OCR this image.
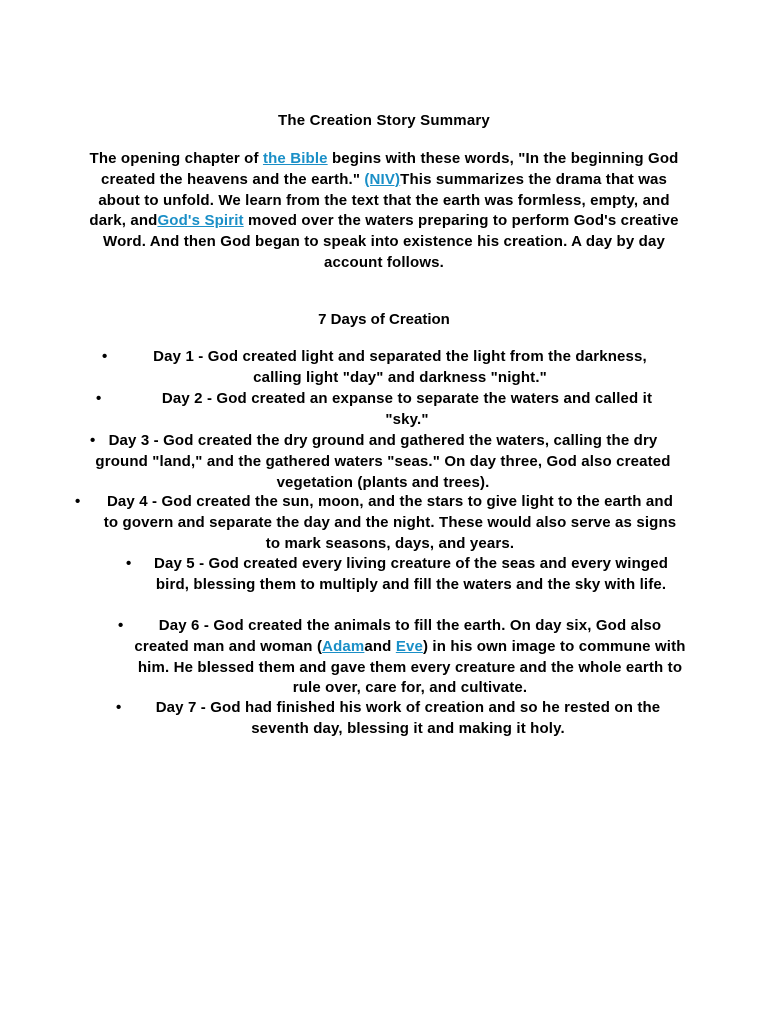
The Creation Story Summary
The opening chapter of the Bible begins with these words, "In the beginning God created the heavens and the earth." (NIV)This summarizes the drama that was about to unfold. We learn from the text that the earth was formless, empty, and dark, andGod's Spirit moved over the waters preparing to perform God's creative Word. And then God began to speak into existence his creation. A day by day account follows.
7 Days of Creation
•	Day 1 - God created light and separated the light from the darkness, calling light "day" and darkness "night."
•	Day 2 - God created an expanse to separate the waters and called it "sky."
• Day 3 - God created the dry ground and gathered the waters, calling the dry ground "land," and the gathered waters "seas." On day three, God also created vegetation (plants and trees).
•	Day 4 - God created the sun, moon, and the stars to give light to the earth and to govern and separate the day and the night. These would also serve as signs to mark seasons, days, and years.
•	Day 5 - God created every living creature of the seas and every winged bird, blessing them to multiply and fill the waters and the sky with life.
•	Day 6 - God created the animals to fill the earth. On day six, God also created man and woman (Adamand Eve) in his own image to commune with him. He blessed them and gave them every creature and the whole earth to rule over, care for, and cultivate.
•	Day 7 - God had finished his work of creation and so he rested on the seventh day, blessing it and making it holy.
